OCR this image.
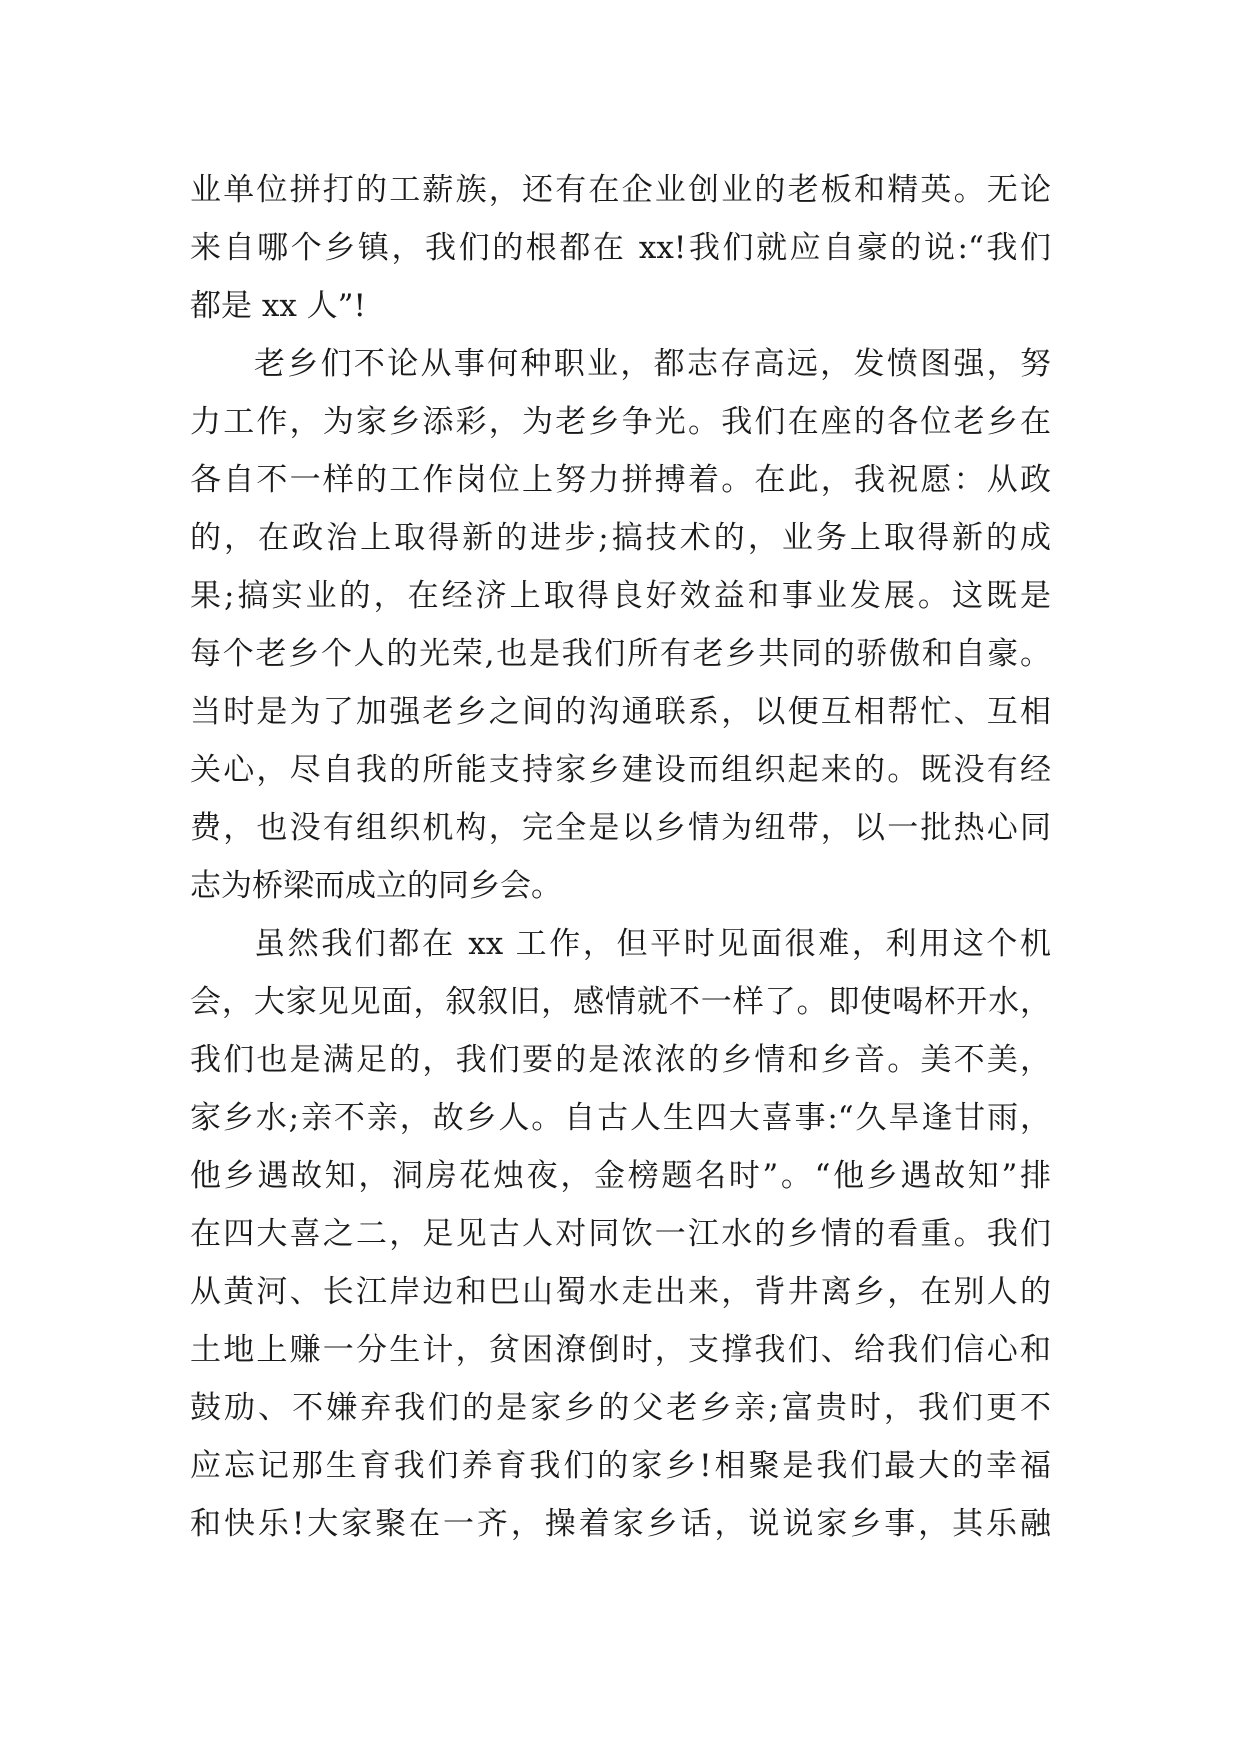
业单位拼打的工薪族，还有在企业创业的老板和精英。无论
来自哪个乡镇，我们的根都在 xx!我们就应自豪的说:“我们
都是 xx 人”!
老乡们不论从事何种职业，都志存高远，发愤图强，努
力工作，为家乡添彩，为老乡争光。我们在座的各位老乡在
各自不一样的工作岗位上努力拼搏着。在此，我祝愿：从政
的，在政治上取得新的进步;搞技术的，业务上取得新的成
果;搞实业的，在经济上取得良好效益和事业发展。这既是
每个老乡个人的光荣,也是我们所有老乡共同的骄傲和自豪。
当时是为了加强老乡之间的沟通联系，以便互相帮忙、互相
关心，尽自我的所能支持家乡建设而组织起来的。既没有经
费，也没有组织机构，完全是以乡情为纽带，以一批热心同
志为桥梁而成立的同乡会。
虽然我们都在 xx 工作，但平时见面很难，利用这个机
会，大家见见面，叙叙旧，感情就不一样了。即使喝杯开水，
我们也是满足的，我们要的是浓浓的乡情和乡音。美不美，
家乡水;亲不亲，故乡人。自古人生四大喜事:“久旱逢甘雨，
他乡遇故知，洞房花烛夜，金榜题名时”。“他乡遇故知”排
在四大喜之二，足见古人对同饮一江水的乡情的看重。我们
从黄河、长江岸边和巴山蜀水走出来，背井离乡，在别人的
土地上赚一分生计，贫困潦倒时，支撑我们、给我们信心和
鼓劢、不嫌弃我们的是家乡的父老乡亲;富贵时，我们更不
应忘记那生育我们养育我们的家乡!相聚是我们最大的幸福
和快乐!大家聚在一齐，操着家乡话，说说家乡事，其乐融
